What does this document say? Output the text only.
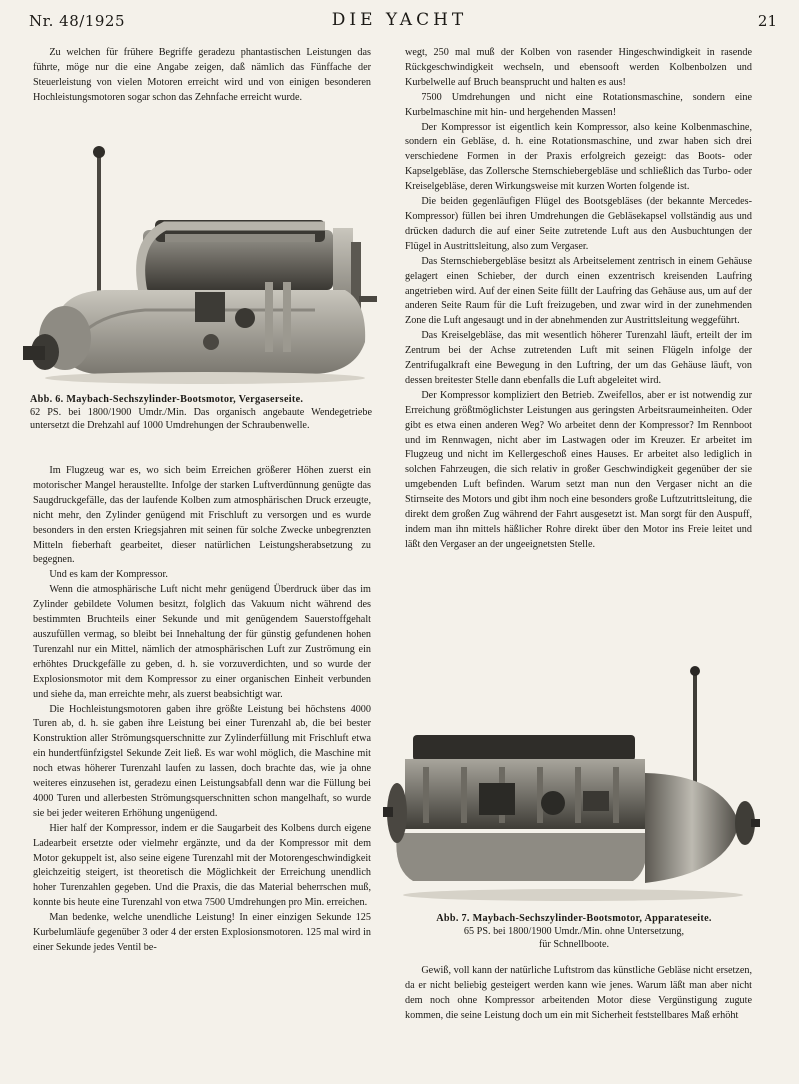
Nr. 48/1925	DIE YACHT	21

Zu welchen für frühere Begriffe geradezu phantastischen Leistungen das führte, möge nur die eine Angabe zeigen, daß nämlich das Fünffache der Steuerleistung von vielen Motoren erreicht wird und von einigen besonderen Hochleistungsmotoren sogar schon das Zehnfache erreicht wurde.

Abb. 6. Maybach-Sechszylinder-Bootsmotor, Vergaserseite.
62 PS. bei 1800/1900 Umdr./Min. Das organisch angebaute Wendegetriebe untersetzt die Drehzahl auf 1000 Umdrehungen der Schraubenwelle.

Im Flugzeug war es, wo sich beim Erreichen größerer Höhen zuerst ein motorischer Mangel heraustellte. Infolge der starken Luftverdünnung genügte das Saugdruckgefälle, das der laufende Kolben zum atmosphärischen Druck erzeugte, nicht mehr, den Zylinder genügend mit Frischluft zu versorgen und es wurde besonders in den ersten Kriegsjahren mit seinen für solche Zwecke unbegrenzten Mitteln fieberhaft gearbeitet, dieser natürlichen Leistungsherabsetzung zu begegnen.

Und es kam der Kompressor.

Wenn die atmosphärische Luft nicht mehr genügend Überdruck über das im Zylinder gebildete Volumen besitzt, folglich das Vakuum nicht während des bestimmten Bruchteils einer Sekunde und mit genügendem Sauerstoffgehalt auszufüllen vermag, so bleibt bei Innehaltung der für günstig gefundenen hohen Turenzahl nur ein Mittel, nämlich der atmosphärischen Luft zur Zuströmung ein erhöhtes Druckgefälle zu geben, d. h. sie vorzuverdichten, und so wurde der Explosionsmotor mit dem Kompressor zu einer organischen Einheit verbunden und siehe da, man erreichte mehr, als zuerst beabsichtigt war.

Die Hochleistungsmotoren gaben ihre größte Leistung bei höchstens 4000 Turen ab, d. h. sie gaben ihre Leistung bei einer Turenzahl ab, die bei bester Konstruktion aller Strömungsquerschnitte zur Zylinderfüllung mit Frischluft etwa ein hundertfünfzigstel Sekunde Zeit ließ. Es war wohl möglich, die Maschine mit noch etwas höherer Turenzahl laufen zu lassen, doch brachte das, wie ja ohne weiteres einzusehen ist, geradezu einen Leistungsabfall denn war die Füllung bei 4000 Turen und allerbesten Strömungsquerschnitten schon mangelhaft, so wurde sie bei jeder weiteren Erhöhung ungenügend.

Hier half der Kompressor, indem er die Saugarbeit des Kolbens durch eigene Ladearbeit ersetzte oder vielmehr ergänzte, und da der Kompressor mit dem Motor gekuppelt ist, also seine eigene Turenzahl mit der Motorengeschwindigkeit gleichzeitig steigert, ist theoretisch die Möglichkeit der Erreichung unendlich hoher Turenzahlen gegeben. Und die Praxis, die das Material beherrschen muß, konnte bis heute eine Turenzahl von etwa 7500 Umdrehungen pro Min. erreichen.

Man bedenke, welche unendliche Leistung! In einer einzigen Sekunde 125 Kurbelumläufe gegenüber 3 oder 4 der ersten Explosionsmotoren. 125 mal wird in einer Sekunde jedes Ventil be-

wegt, 250 mal muß der Kolben von rasender Hingeschwindigkeit in rasende Rückgeschwindigkeit wechseln, und ebensooft werden Kolbenbolzen und Kurbelwelle auf Bruch beansprucht und halten es aus!

7500 Umdrehungen und nicht eine Rotationsmaschine, sondern eine Kurbelmaschine mit hin- und hergehenden Massen!

Der Kompressor ist eigentlich kein Kompressor, also keine Kolbenmaschine, sondern ein Gebläse, d. h. eine Rotationsmaschine, und zwar haben sich drei verschiedene Formen in der Praxis erfolgreich gezeigt: das Boots- oder Kapselgebläse, das Zollersche Sternschiebergebläse und schließlich das Turbo- oder Kreiselgebläse, deren Wirkungsweise mit kurzen Worten folgende ist.

Die beiden gegenläufigen Flügel des Bootsgebläses (der bekannte Mercedes-Kompressor) füllen bei ihren Umdrehungen die Gebläsekapsel vollständig aus und drücken dadurch die auf einer Seite zutretende Luft aus den Ausbuchtungen der Flügel in Austrittsleitung, also zum Vergaser.

Das Sternschiebergebläse besitzt als Arbeitselement zentrisch in einem Gehäuse gelagert einen Schieber, der durch einen exzentrisch kreisenden Laufring angetrieben wird. Auf der einen Seite füllt der Laufring das Gehäuse aus, um auf der anderen Seite Raum für die Luft freizugeben, und zwar wird in der zunehmenden Zone die Luft angesaugt und in der abnehmenden zur Austrittsleitung weggeführt.

Das Kreiselgebläse, das mit wesentlich höherer Turenzahl läuft, erteilt der im Zentrum bei der Achse zutretenden Luft mit seinen Flügeln infolge der Zentrifugalkraft eine Bewegung in den Luftring, der um das Gehäuse läuft, von dessen breitester Stelle dann ebenfalls die Luft abgeleitet wird.

Der Kompressor kompliziert den Betrieb. Zweifellos, aber er ist notwendig zur Erreichung größtmöglichster Leistungen aus geringsten Arbeitsraumeinheiten. Oder gibt es etwa einen anderen Weg? Wo arbeitet denn der Kompressor? Im Rennboot und im Rennwagen, nicht aber im Lastwagen oder im Kreuzer. Er arbeitet im Flugzeug und nicht im Kellergeschoß eines Hauses. Er arbeitet also lediglich in solchen Fahrzeugen, die sich relativ in großer Geschwindigkeit gegenüber der sie umgebenden Luft befinden. Warum setzt man nun den Vergaser nicht an die Stirnseite des Motors und gibt ihm noch eine besonders große Luftzutrittsleitung, die direkt dem großen Zug während der Fahrt ausgesetzt ist. Man sorgt für den Auspuff, indem man ihn mittels häßlicher Rohre direkt über den Motor ins Freie leitet und läßt den Vergaser an der ungeeignetsten Stelle.

Abb. 7. Maybach-Sechszylinder-Bootsmotor, Apparateseite.
65 PS. bei 1800/1900 Umdr./Min. ohne Untersetzung,
für Schnellboote.

Gewiß, voll kann der natürliche Luftstrom das künstliche Gebläse nicht ersetzen, da er nicht beliebig gesteigert werden kann wie jenes. Warum läßt man aber nicht dem noch ohne Kompressor arbeitenden Motor diese Vergünstigung zugute kommen, die seine Leistung doch um ein mit Sicherheit feststellbares Maß erhöht
